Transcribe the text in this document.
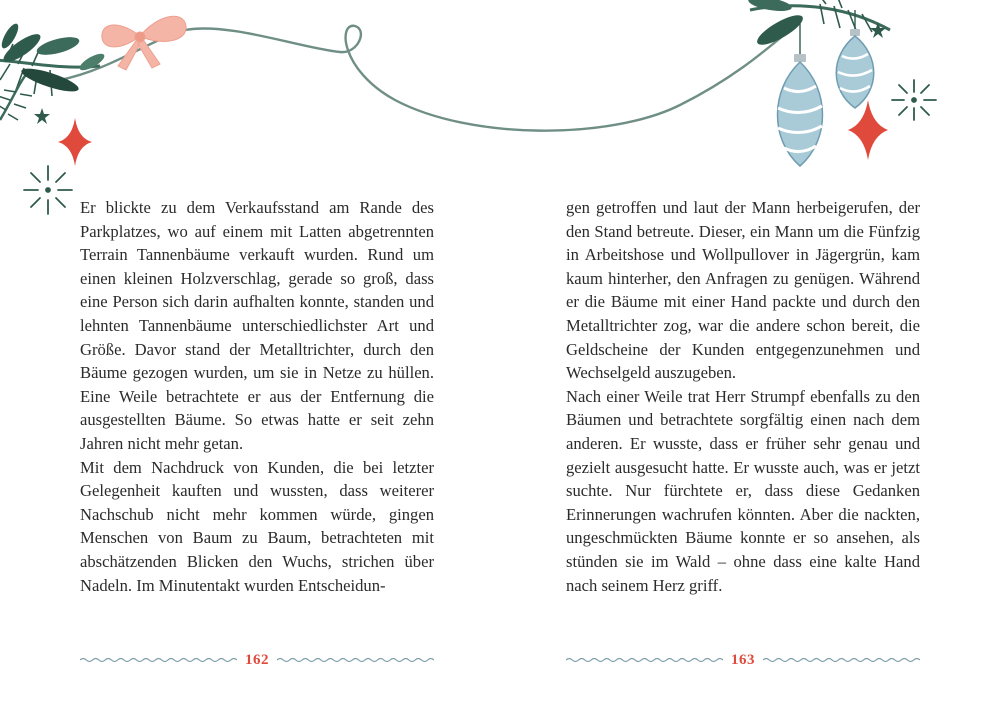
Er blickte zu dem Verkaufsstand am Rande des Parkplatzes, wo auf einem mit Latten abgetrennten Terrain Tannenbäume verkauft wurden. Rund um einen kleinen Holzverschlag, gerade so groß, dass eine Person sich darin aufhalten konnte, standen und lehnten Tannenbäume unterschiedlichster Art und Größe. Davor stand der Metalltrichter, durch den Bäume gezogen wurden, um sie in Netze zu hüllen. Eine Weile betrachtete er aus der Entfernung die ausgestellten Bäume. So etwas hatte er seit zehn Jahren nicht mehr getan.

Mit dem Nachdruck von Kunden, die bei letzter Gelegenheit kauften und wussten, dass weiterer Nachschub nicht mehr kommen würde, gingen Menschen von Baum zu Baum, betrachteten mit abschätzenden Blicken den Wuchs, strichen über Nadeln. Im Minutentakt wurden Entscheidun-

gen getroffen und laut der Mann herbeigerufen, der den Stand betreute. Dieser, ein Mann um die Fünfzig in Arbeitshose und Wollpullover in Jägergrün, kam kaum hinterher, den Anfragen zu genügen. Während er die Bäume mit einer Hand packte und durch den Metalltrichter zog, war die andere schon bereit, die Geldscheine der Kunden entgegenzunehmen und Wechselgeld auszugeben.

Nach einer Weile trat Herr Strumpf ebenfalls zu den Bäumen und betrachtete sorgfältig einen nach dem anderen. Er wusste, dass er früher sehr genau und gezielt ausgesucht hatte. Er wusste auch, was er jetzt suchte. Nur fürchtete er, dass diese Gedanken Erinnerungen wachrufen könnten. Aber die nackten, ungeschmückten Bäume konnte er so ansehen, als stünden sie im Wald – ohne dass eine kalte Hand nach seinem Herz griff.

162	163
